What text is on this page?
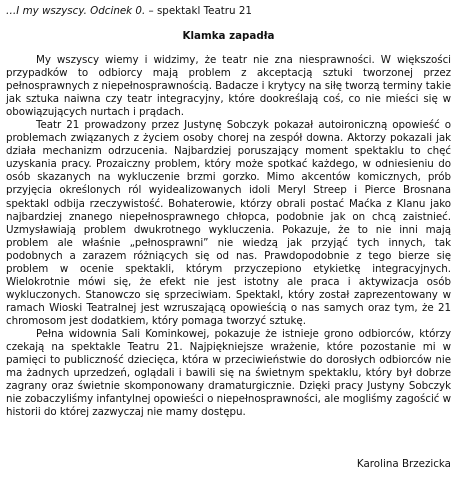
…I my wszyscy. Odcinek 0. – spektakl Teatru 21
Klamka zapadła

My wszyscy wiemy i widzimy, że teatr nie zna niesprawności. W większości przypadków to odbiorcy mają problem z akceptacją sztuki tworzonej przez pełnosprawnych z niepełnosprawnością. Badacze i krytycy na siłę tworzą terminy takie jak sztuka naiwna czy teatr integracyjny, które dookreślają coś, co nie mieści się w obowiązujących nurtach i prądach.

Teatr 21 prowadzony przez Justynę Sobczyk pokazał autoironiczną opowieść o problemach związanych z życiem osoby chorej na zespół downa. Aktorzy pokazali jak działa mechanizm odrzucenia. Najbardziej poruszający moment spektaklu to chęć uzyskania pracy. Prozaiczny problem, który może spotkać każdego, w odniesieniu do osób skazanych na wykluczenie brzmi gorzko. Mimo akcentów komicznych, prób przyjęcia określonych ról wyidealizowanych idoli Meryl Streep i Pierce Brosnana spektakl odbija rzeczywistość. Bohaterowie, którzy obrali postać Maćka z Klanu jako najbardziej znanego niepełnosprawnego chłopca, podobnie jak on chcą zaistnieć. Uzmysławiają problem dwukrotnego wykluczenia. Pokazuje, że to nie inni mają problem ale właśnie „pełnosprawni” nie wiedzą jak przyjąć tych innych, tak podobnych a zarazem różniących się od nas. Prawdopodobnie z tego bierze się problem w ocenie spektakli, którym przyczepiono etykietkę integracyjnych. Wielokrotnie mówi się, że efekt nie jest istotny ale praca i aktywizacja osób wykluczonych. Stanowczo się sprzeciwiam. Spektakl, który został zaprezentowany w ramach Wioski Teatralnej jest wzruszającą opowieścią o nas samych oraz tym, że 21 chromosom jest dodatkiem, który pomaga tworzyć sztukę.

Pełna widownia Sali Kominkowej, pokazuje że istnieje grono odbiorców, którzy czekają na spektakle Teatru 21. Najpiękniejsze wrażenie, które pozostanie mi w pamięci to publiczność dziecięca, która w przeciwieństwie do dorosłych odbiorców nie ma żadnych uprzedzeń, oglądali i bawili się na świetnym spektaklu, który był dobrze zagrany oraz świetnie skomponowany dramaturgicznie. Dzięki pracy Justyny Sobczyk nie zobaczyliśmy infantylnej opowieści o niepełnosprawności, ale mogliśmy zagościć w historii do której zazwyczaj nie mamy dostępu.

Karolina Brzezicka
